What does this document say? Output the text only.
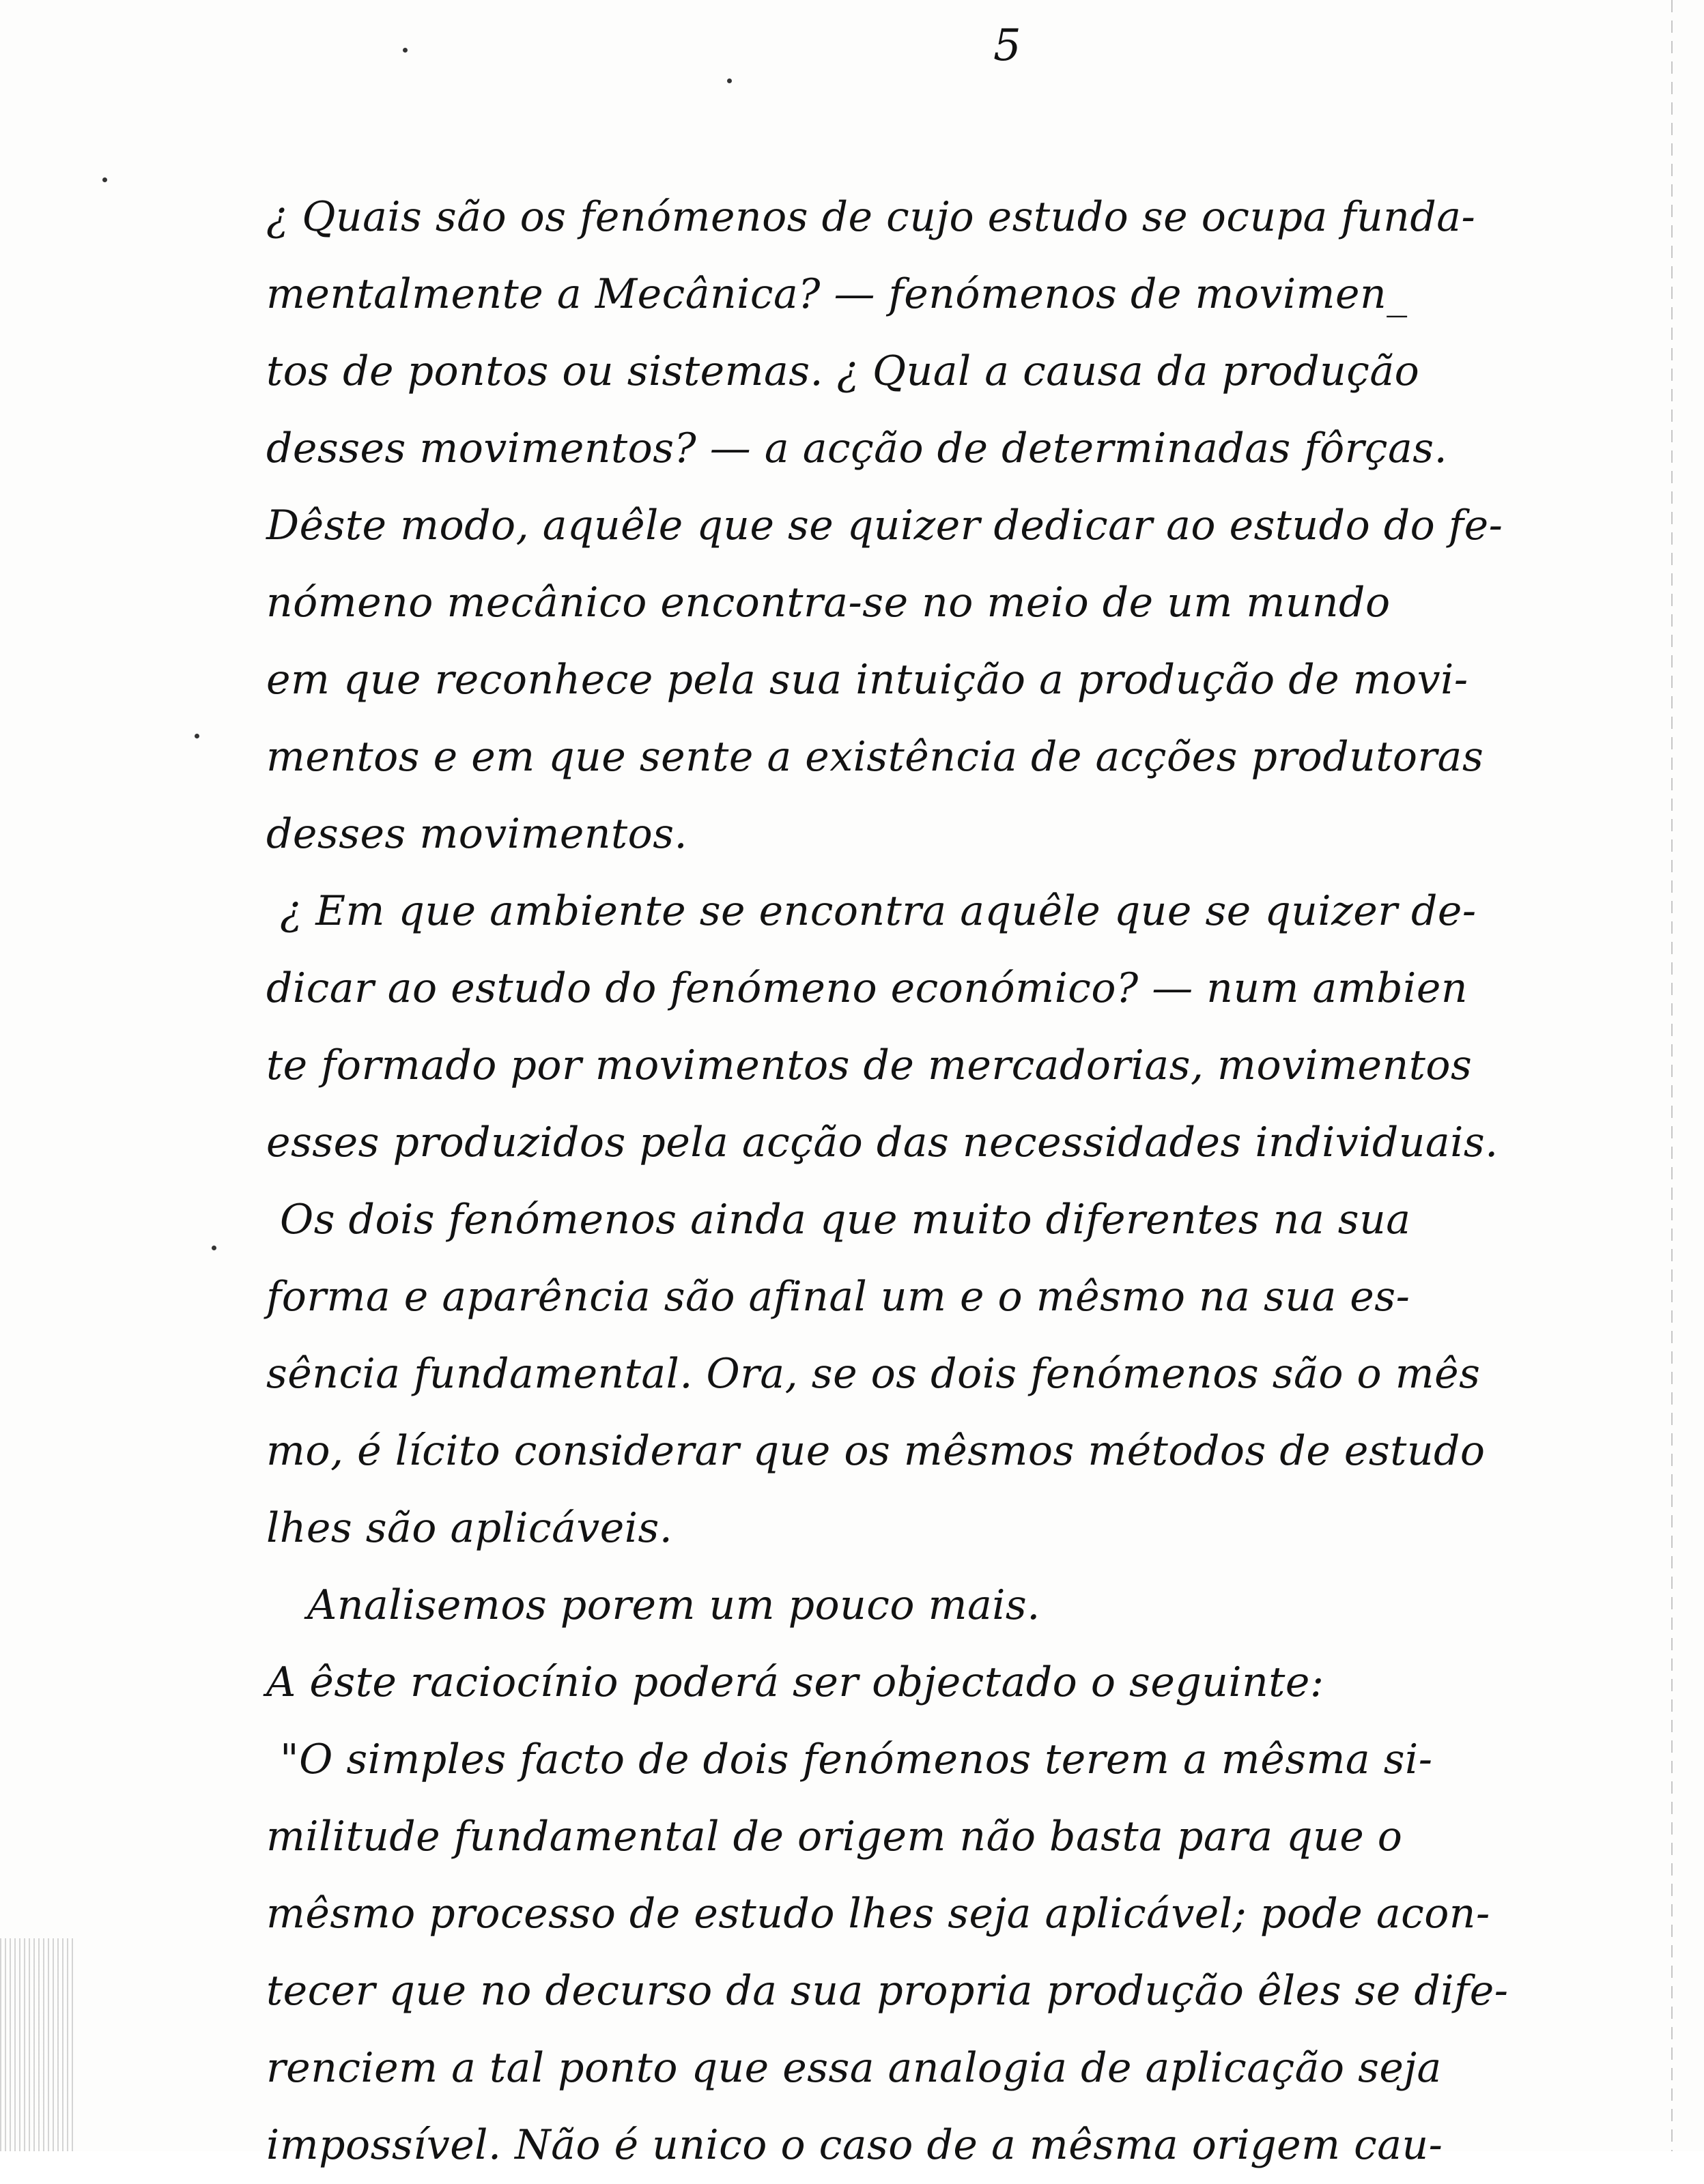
5
¿ Quais são os fenómenos de cujo estudo se ocupa funda-
mentalmente a Mecânica? — fenómenos de movimen_
tos de pontos ou sistemas. ¿ Qual a causa da produção
desses movimentos? — a acção de determinadas fôrças.
Dêste modo, aquêle que se quizer dedicar ao estudo do fe-
nómeno mecânico encontra-se no meio de um mundo
em que reconhece pela sua intuição a produção de movi-
mentos e em que sente a existência de acções produtoras
desses movimentos.
¿ Em que ambiente se encontra aquêle que se quizer de-
dicar ao estudo do fenómeno económico? — num ambien
te formado por movimentos de mercadorias, movimentos
esses produzidos pela acção das necessidades individuais.
Os dois fenómenos ainda que muito diferentes na sua
forma e aparência são afinal um e o mêsmo na sua es-
sência fundamental. Ora, se os dois fenómenos são o mês
mo, é lícito considerar que os mêsmos métodos de estudo
lhes são aplicáveis.
Analisemos porem um pouco mais.
A êste raciocínio poderá ser objectado o seguinte:
"O simples facto de dois fenómenos terem a mêsma si-
militude fundamental de origem não basta para que o
mêsmo processo de estudo lhes seja aplicável; pode acon-
tecer que no decurso da sua propria produção êles se dife-
renciem a tal ponto que essa analogia de aplicação seja
impossível. Não é unico o caso de a mêsma origem cau-
